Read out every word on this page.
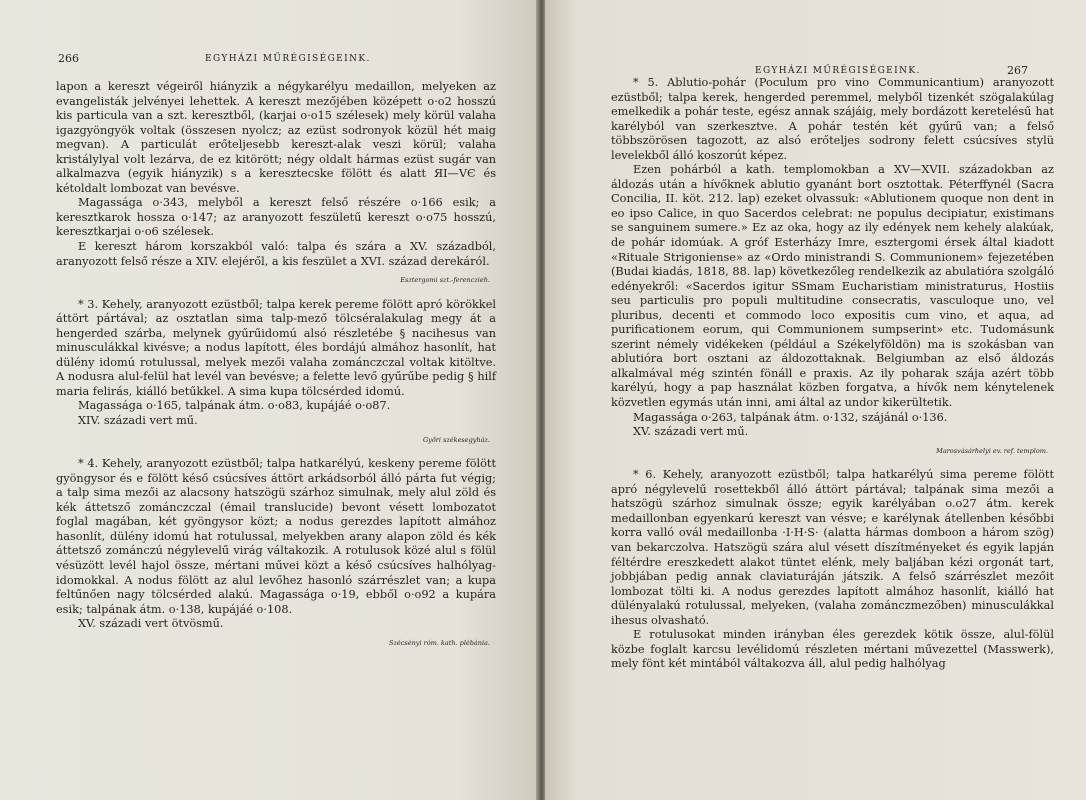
266	EGYHÁZI MŰRÉGISÉGEINK.

lapon a kereszt végeiről hiányzik a négykarélyu medaillon, melyeken az evangelisták jelvényei lehettek. A kereszt mezőjében középett o·o2 hosszú kis particula van a szt. keresztből, (karjai o·o15 szélesek) mely körül valaha igazgyöngyök voltak (összesen nyolcz; az ezüst sodronyok közül hét maig megvan). A particulát erőteljesebb kereszt-alak veszi körül; valaha kristálylyal volt lezárva, de ez kitörött; négy oldalt hármas ezüst sugár van alkalmazva (egyik hiányzik) s a keresztecske fölött és alatt ЯI—VЄ és kétoldalt lombozat van bevésve.

Magassága o·343, melyből a kereszt felső részére o·166 esik; a keresztkarok hossza o·147; az aranyozott feszületű kereszt o·o75 hosszú, keresztkarjai o·o6 szélesek.

E kereszt három korszakból való: talpa és szára a XV. századból, aranyozott felső része a XIV. elejéről, a kis feszület a XVI. század derekáról.

Esztergomi szt.-ferenczieh.

* 3. Kehely, aranyozott ezüstből; talpa kerek pereme fölött apró körökkel áttört pártával; az osztatlan sima talp-mező tölcséralakulag megy át a hengerded szárba, melynek gyűrűidomú alsó részletébe § nacihesus van minusculákkal kivésve; a nodus lapított, éles bordájú almához hasonlít, hat dülény idomú rotulussal, melyek mezői valaha zománczczal voltak kitöltve. A nodusra alul-felül hat levél van bevésve; a felette levő gyűrűbe pedig § hilf maria felirás, kiálló betűkkel. A sima kupa tölcsérded idomú.

Magassága o·165, talpának átm. o·o83, kupájáé o·o87.

XIV. századi vert mű.

Győri székesegyház.

* 4. Kehely, aranyozott ezüstből; talpa hatkarélyú, keskeny pereme fölött gyöngysor és e fölött késő csúcsíves áttört arkádsorból álló párta fut végig; a talp sima mezői az alacsony hatszögü szárhoz simulnak, mely alul zöld és kék áttetsző zománczczal (émail translucide) bevont vésett lombozatot foglal magában, két gyöngysor közt; a nodus gerezdes lapított almához hasonlít, dülény idomú hat rotulussal, melyekben arany alapon zöld és kék áttetsző zománczú négylevelű virág váltakozik. A rotulusok közé alul s fölül vésüzött levél hajol össze, mértani művei közt a késő csúcsíves halhólyag-idomokkal. A nodus fölött az alul levőhez hasonló szárrészlet van; a kupa feltűnően nagy tölcsérded alakú. Magassága o·19, ebből o·o92 a kupára esik; talpának átm. o·138, kupájáé o·108.

XV. századi vert ötvösmű.

Szécsényi róm. kath. plébánia.
EGYHÁZI MŰRÉGISÉGEINK.	267

* 5. Ablutio-pohár (Poculum pro vino Communicantium) aranyozott ezüstből; talpa kerek, hengerded peremmel, melyből tizenkét szögalakúlag emelkedik a pohár teste, egész annak szájáig, mely bordázott keretelésű hat karélyból van szerkesztve. A pohár testén két gyűrű van; a felső többszörösen tagozott, az alsó erőteljes sodrony felett csúcsíves stylü levelekből álló koszorút képez.

Ezen pohárból a kath. templomokban a XV—XVII. századokban az áldozás után a hívőknek ablutio gyanánt bort osztottak. Péterffynél (Sacra Concilia, II. köt. 212. lap) ezeket olvassuk: «Ablutionem quoque non dent in eo ipso Calice, in quo Sacerdos celebrat: ne populus decipiatur, existimans se sanguinem sumere.» Ez az oka, hogy az ily edények nem kehely alakúak, de pohár idomúak. A gróf Esterházy Imre, esztergomi érsek által kiadott «Rituale Strigoniense» az «Ordo ministrandi S. Communionem» fejezetében (Budai kiadás, 1818, 88. lap) következőleg rendelkezik az abulatióra szolgáló edényekről: «Sacerdos igitur SSmam Eucharistiam ministraturus, Hostiis seu particulis pro populi multitudine consecratis, vasculoque uno, vel pluribus, decenti et commodo loco expositis cum vino, et aqua, ad purificationem eorum, qui Communionem sumpserint» etc. Tudomásunk szerint némely vidékeken (például a Székelyföldön) ma is szokásban van ablutióra bort osztani az áldozottaknak. Belgiumban az első áldozás alkalmával még szintén fönáll e praxis. Az ily poharak szája azért több karélyú, hogy a pap használat közben forgatva, a hívők nem kénytelenek közvetlen egymás után inni, ami által az undor kikerültetik.

Magassága o·263, talpának átm. o·132, szájánál o·136.

XV. századi vert mű.

Marosvásárhelyi ev. ref. templom.

* 6. Kehely, aranyozott ezüstből; talpa hatkarélyú sima pereme fölött apró négylevelű rosettekből álló áttört pártával; talpának sima mezői a hatszögü szárhoz simulnak össze; egyik karélyában o.o27 átm. kerek medaillonban egyenkarú kereszt van vésve; e karélynak átellenben későbbi korra valló ovál medaillonba ·I·H·S· (alatta hármas domboon a három szög) van bekarczolva. Hatszögü szára alul vésett díszítményeket és egyik lapján féltérdre ereszkedett alakot tüntet elénk, mely baljában kézi orgonát tart, jobbjában pedig annak claviaturáján játszik. A felső szárrészlet mezőit lombozat tölti ki. A nodus gerezdes lapított almához hasonlít, kiálló hat dülényalakú rotulussal, melyeken, (valaha zománczmezőben) minusculákkal ihesus olvasható.

E rotulusokat minden irányban éles gerezdek kötik össze, alul-fölül közbe foglalt karcsu levélidomú részleten mértani művezettel (Masswerk), mely fönt két mintából váltakozva áll, alul pedig halhólyag
